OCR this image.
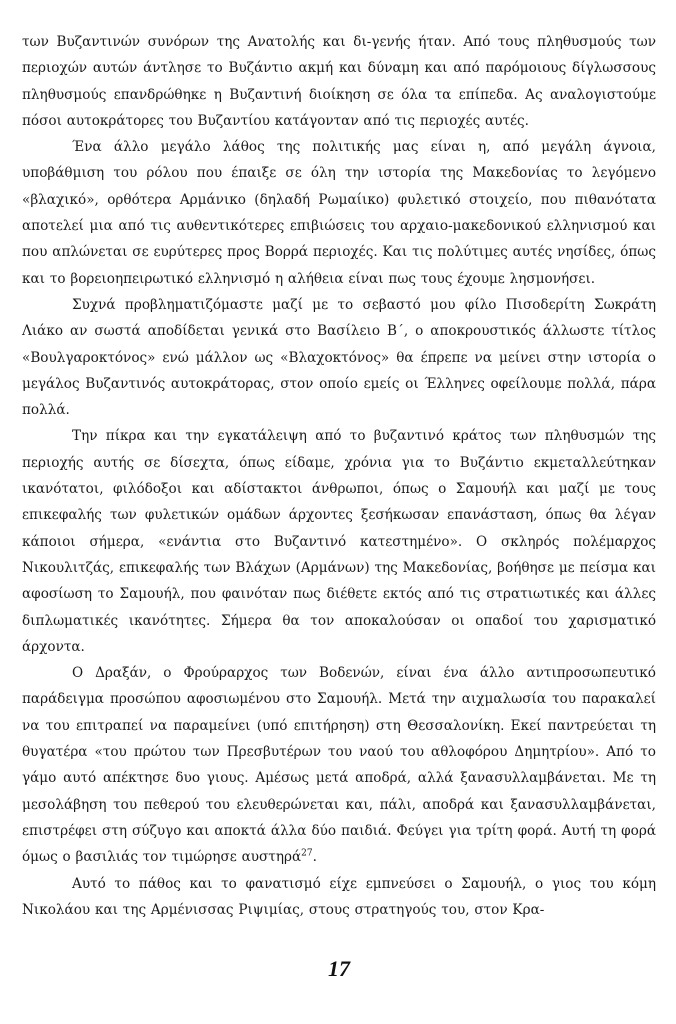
των Βυζαντινών συνόρων της Ανατολής και δι-γενής ήταν. Από τους πληθυσμούς των περιοχών αυτών άντλησε το Βυζάντιο ακμή και δύναμη και από παρόμοιους δίγλωσσους πληθυσμούς επανδρώθηκε η Βυζαντινή διοίκηση σε όλα τα επίπεδα. Ας αναλογιστούμε πόσοι αυτοκράτορες του Βυζαντίου κατάγονταν από τις περιοχές αυτές.

Ένα άλλο μεγάλο λάθος της πολιτικής μας είναι η, από μεγάλη άγνοια, υποβάθμιση του ρόλου που έπαιξε σε όλη την ιστορία της Μακεδονίας το λεγόμενο «βλαχικό», ορθότερα Αρμάνικο (δηλαδή Ρωμαίικο) φυλετικό στοιχείο, που πιθανότατα αποτελεί μια από τις αυθεντικότερες επιβιώσεις του αρχαιο-μακεδονικού ελληνισμού και που απλώνεται σε ευρύτερες προς Βορρά περιοχές. Και τις πολύτιμες αυτές νησίδες, όπως και το βορειοηπειρωτικό ελληνισμό η αλήθεια είναι πως τους έχουμε λησμονήσει.

Συχνά προβληματιζόμαστε μαζί με το σεβαστό μου φίλο Πισοδερίτη Σωκράτη Λιάκο αν σωστά αποδίδεται γενικά στο Βασίλειο Β΄, ο αποκρουστικός άλλωστε τίτλος «Βουλγαροκτόνος» ενώ μάλλον ως «Βλαχοκτόνος» θα έπρεπε να μείνει στην ιστορία ο μεγάλος Βυζαντινός αυτοκράτορας, στον οποίο εμείς οι Έλληνες οφείλουμε πολλά, πάρα πολλά.

Την πίκρα και την εγκατάλειψη από το βυζαντινό κράτος των πληθυσμών της περιοχής αυτής σε δίσεχτα, όπως είδαμε, χρόνια για το Βυζάντιο εκμεταλλεύτηκαν ικανότατοι, φιλόδοξοι και αδίστακτοι άνθρωποι, όπως ο Σαμουήλ και μαζί με τους επικεφαλής των φυλετικών ομάδων άρχοντες ξεσήκωσαν επανάσταση, όπως θα λέγαν κάποιοι σήμερα, «ενάντια στο Βυζαντινό κατεστημένο». Ο σκληρός πολέμαρχος Νικουλιτζάς, επικεφαλής των Βλάχων (Αρμάνων) της Μακεδονίας, βοήθησε με πείσμα και αφοσίωση το Σαμουήλ, που φαινόταν πως διέθετε εκτός από τις στρατιωτικές και άλλες διπλωματικές ικανότητες. Σήμερα θα τον αποκαλούσαν οι οπαδοί του χαρισματικό άρχοντα.

Ο Δραξάν, ο Φρούραρχος των Βοδενών, είναι ένα άλλο αντιπροσωπευτικό παράδειγμα προσώπου αφοσιωμένου στο Σαμουήλ. Μετά την αιχμαλωσία του παρακαλεί να του επιτραπεί να παραμείνει (υπό επιτήρηση) στη Θεσσαλονίκη. Εκεί παντρεύεται τη θυγατέρα «του πρώτου των Πρεσβυτέρων του ναού του αθλοφόρου Δημητρίου». Από το γάμο αυτό απέκτησε δυο γιους. Αμέσως μετά αποδρά, αλλά ξανασυλλαμβάνεται. Με τη μεσολάβηση του πεθερού του ελευθερώνεται και, πάλι, αποδρά και ξανασυλλαμβάνεται, επιστρέφει στη σύζυγο και αποκτά άλλα δύο παιδιά. Φεύγει για τρίτη φορά. Αυτή τη φορά όμως ο βασιλιάς τον τιμώρησε αυστηρά$^{27}$.

Αυτό το πάθος και το φανατισμό είχε εμπνεύσει ο Σαμουήλ, ο γιος του κόμη Νικολάου και της Αρμένισσας Ριψιμίας, στους στρατηγούς του, στον Κρα-

17
